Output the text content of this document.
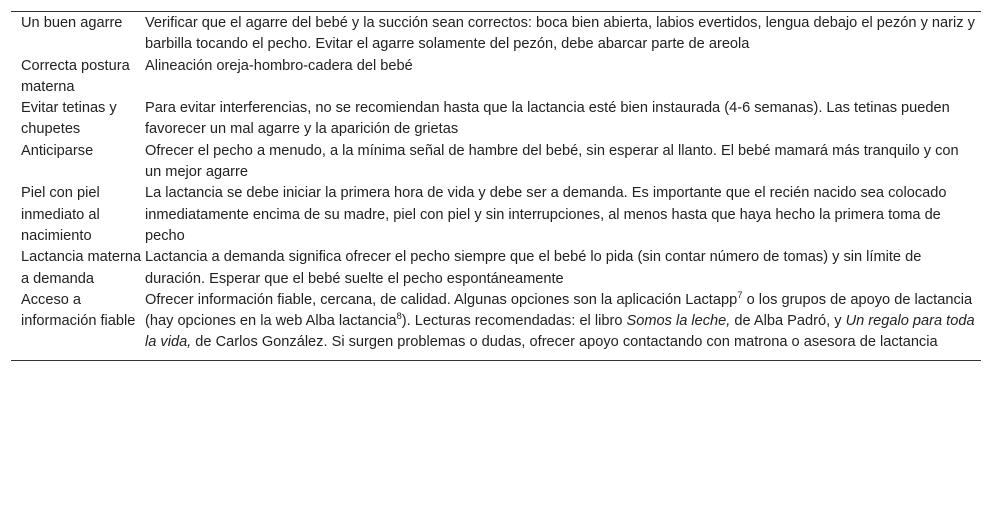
Un buen agarre	Verificar que el agarre del bebé y la succión sean correctos: boca bien abierta, labios evertidos, lengua debajo el pezón y nariz y barbilla tocando el pecho. Evitar el agarre solamente del pezón, debe abarcar parte de areola
Correcta postura materna	Alineación oreja-hombro-cadera del bebé
Evitar tetinas y chupetes	Para evitar interferencias, no se recomiendan hasta que la lactancia esté bien instaurada (4-6 semanas). Las tetinas pueden favorecer un mal agarre y la aparición de grietas
Anticiparse	Ofrecer el pecho a menudo, a la mínima señal de hambre del bebé, sin esperar al llanto. El bebé mamará más tranquilo y con un mejor agarre
Piel con piel inmediato al nacimiento	La lactancia se debe iniciar la primera hora de vida y debe ser a demanda. Es importante que el recién nacido sea colocado inmediatamente encima de su madre, piel con piel y sin interrupciones, al menos hasta que haya hecho la primera toma de pecho
Lactancia materna a demanda	Lactancia a demanda significa ofrecer el pecho siempre que el bebé lo pida (sin contar número de tomas) y sin límite de duración. Esperar que el bebé suelte el pecho espontáneamente
Acceso a información fiable	Ofrecer información fiable, cercana, de calidad. Algunas opciones son la aplicación Lactapp$^7$ o los grupos de apoyo de lactancia (hay opciones en la web Alba lactancia$^8$). Lecturas recomendadas: el libro Somos la leche, de Alba Padró, y Un regalo para toda la vida, de Carlos González. Si surgen problemas o dudas, ofrecer apoyo contactando con matrona o asesora de lactancia
